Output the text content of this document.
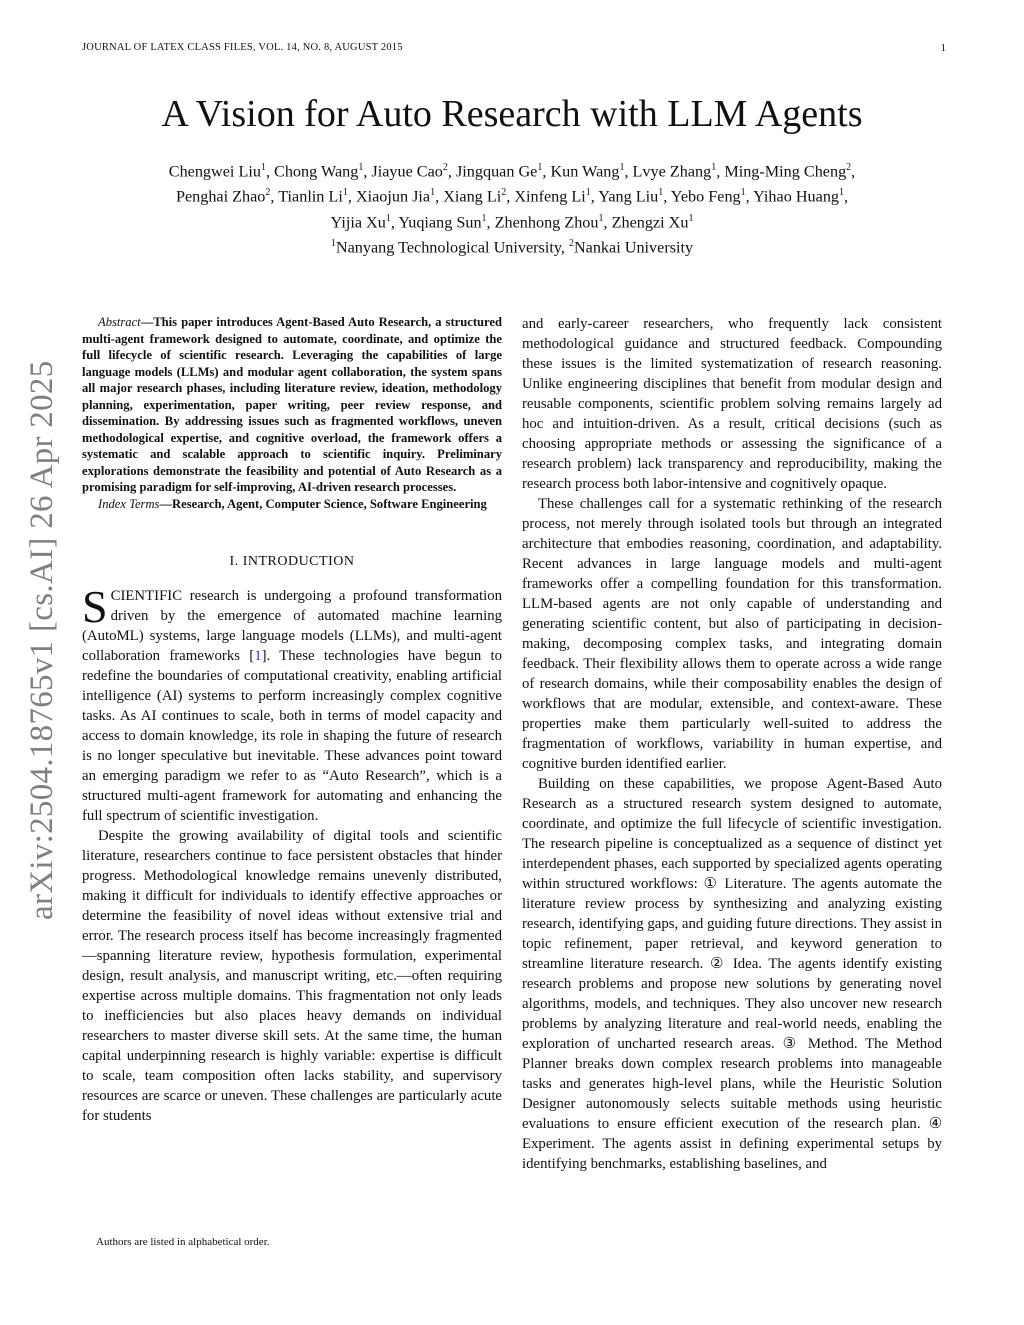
JOURNAL OF LATEX CLASS FILES, VOL. 14, NO. 8, AUGUST 2015	1
A Vision for Auto Research with LLM Agents
Chengwei Liu$^1$, Chong Wang$^1$, Jiayue Cao$^2$, Jingquan Ge$^1$, Kun Wang$^1$, Lvye Zhang$^1$, Ming-Ming Cheng$^2$,
Penghai Zhao$^2$, Tianlin Li$^1$, Xiaojun Jia$^1$, Xiang Li$^2$, Xinfeng Li$^1$, Yang Liu$^1$, Yebo Feng$^1$, Yihao Huang$^1$,
Yijia Xu$^1$, Yuqiang Sun$^1$, Zhenhong Zhou$^1$, Zhengzi Xu$^1$
$^1$Nanyang Technological University, $^2$Nankai University
arXiv:2504.18765v1 [cs.AI] 26 Apr 2025

Abstract—This paper introduces Agent-Based Auto Research, a structured multi-agent framework designed to automate, coordinate, and optimize the full lifecycle of scientific research. Leveraging the capabilities of large language models (LLMs) and modular agent collaboration, the system spans all major research phases, including literature review, ideation, methodology planning, experimentation, paper writing, peer review response, and dissemination. By addressing issues such as fragmented workflows, uneven methodological expertise, and cognitive overload, the framework offers a systematic and scalable approach to scientific inquiry. Preliminary explorations demonstrate the feasibility and potential of Auto Research as a promising paradigm for self-improving, AI-driven research processes.

Index Terms—Research, Agent, Computer Science, Software Engineering

I. INTRODUCTION

SCIENTIFIC research is undergoing a profound transformation driven by the emergence of automated machine learning (AutoML) systems, large language models (LLMs), and multi-agent collaboration frameworks [1]. These technologies have begun to redefine the boundaries of computational creativity, enabling artificial intelligence (AI) systems to perform increasingly complex cognitive tasks. As AI continues to scale, both in terms of model capacity and access to domain knowledge, its role in shaping the future of research is no longer speculative but inevitable. These advances point toward an emerging paradigm we refer to as “Auto Research”, which is a structured multi-agent framework for automating and enhancing the full spectrum of scientific investigation.

Despite the growing availability of digital tools and scientific literature, researchers continue to face persistent obstacles that hinder progress. Methodological knowledge remains unevenly distributed, making it difficult for individuals to identify effective approaches or determine the feasibility of novel ideas without extensive trial and error. The research process itself has become increasingly fragmented—spanning literature review, hypothesis formulation, experimental design, result analysis, and manuscript writing, etc.—often requiring expertise across multiple domains. This fragmentation not only leads to inefficiencies but also places heavy demands on individual researchers to master diverse skill sets. At the same time, the human capital underpinning research is highly variable: expertise is difficult to scale, team composition often lacks stability, and supervisory resources are scarce or uneven. These challenges are particularly acute for students

and early-career researchers, who frequently lack consistent methodological guidance and structured feedback. Compounding these issues is the limited systematization of research reasoning. Unlike engineering disciplines that benefit from modular design and reusable components, scientific problem solving remains largely ad hoc and intuition-driven. As a result, critical decisions (such as choosing appropriate methods or assessing the significance of a research problem) lack transparency and reproducibility, making the research process both labor-intensive and cognitively opaque.

These challenges call for a systematic rethinking of the research process, not merely through isolated tools but through an integrated architecture that embodies reasoning, coordination, and adaptability. Recent advances in large language models and multi-agent frameworks offer a compelling foundation for this transformation. LLM-based agents are not only capable of understanding and generating scientific content, but also of participating in decision-making, decomposing complex tasks, and integrating domain feedback. Their flexibility allows them to operate across a wide range of research domains, while their composability enables the design of workflows that are modular, extensible, and context-aware. These properties make them particularly well-suited to address the fragmentation of workflows, variability in human expertise, and cognitive burden identified earlier.

Building on these capabilities, we propose Agent-Based Auto Research as a structured research system designed to automate, coordinate, and optimize the full lifecycle of scientific investigation. The research pipeline is conceptualized as a sequence of distinct yet interdependent phases, each supported by specialized agents operating within structured workflows: ① Literature. The agents automate the literature review process by synthesizing and analyzing existing research, identifying gaps, and guiding future directions. They assist in topic refinement, paper retrieval, and keyword generation to streamline literature research. ② Idea. The agents identify existing research problems and propose new solutions by generating novel algorithms, models, and techniques. They also uncover new research problems by analyzing literature and real-world needs, enabling the exploration of uncharted research areas. ③ Method. The Method Planner breaks down complex research problems into manageable tasks and generates high-level plans, while the Heuristic Solution Designer autonomously selects suitable methods using heuristic evaluations to ensure efficient execution of the research plan. ④ Experiment. The agents assist in defining experimental setups by identifying benchmarks, establishing baselines, and

Authors are listed in alphabetical order.
